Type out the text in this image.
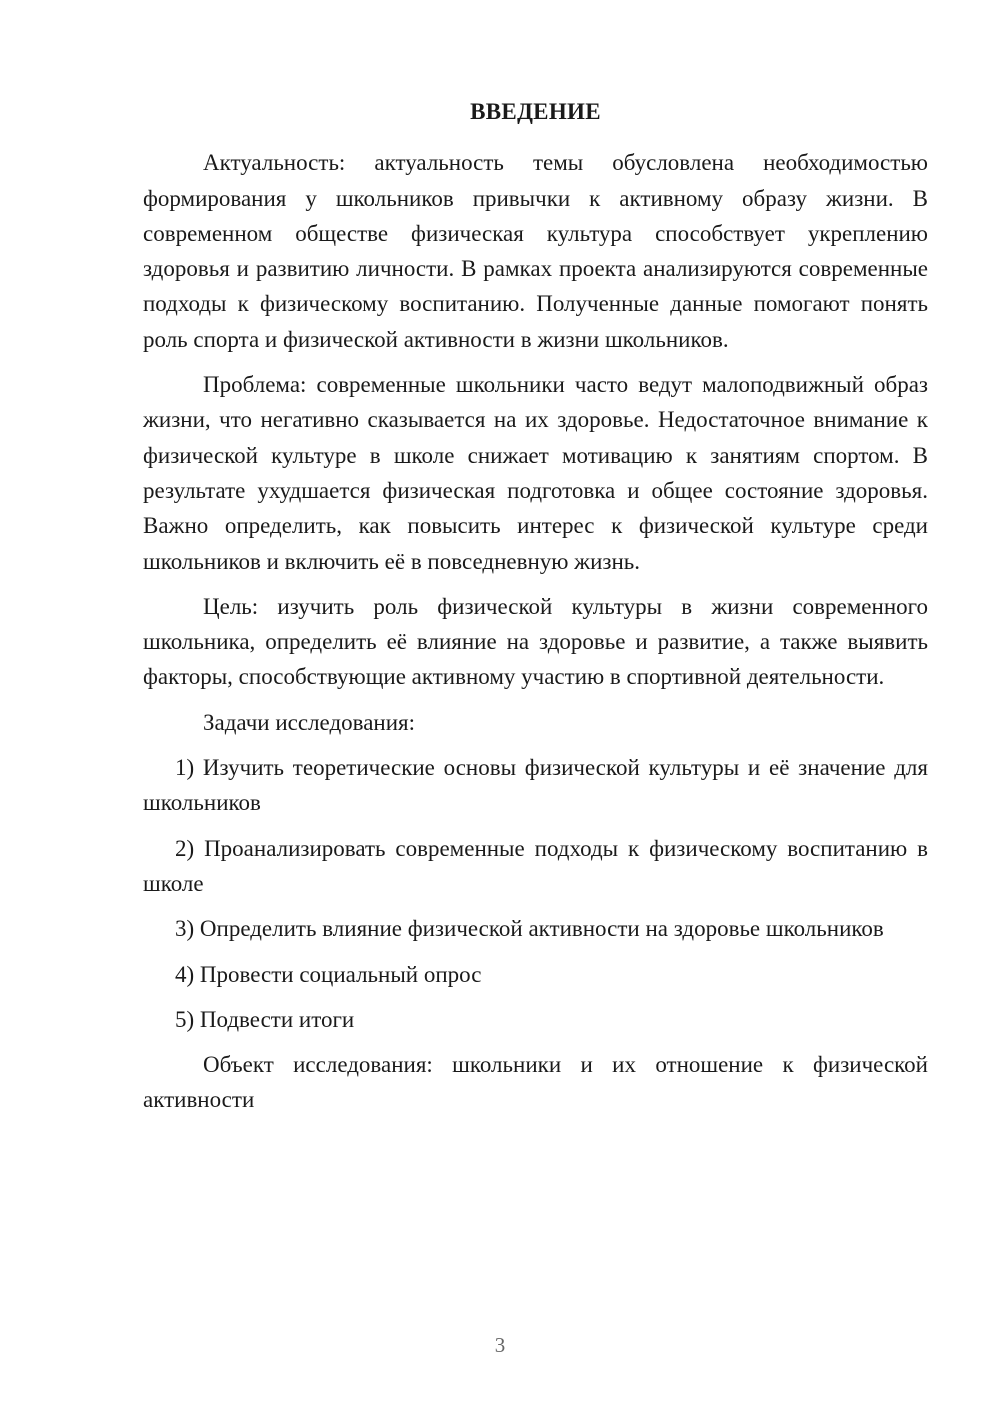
ВВЕДЕНИЕ

Актуальность: актуальность темы обусловлена необходимостью формирования у школьников привычки к активному образу жизни. В современном обществе физическая культура способствует укреплению здоровья и развитию личности. В рамках проекта анализируются современные подходы к физическому воспитанию. Полученные данные помогают понять роль спорта и физической активности в жизни школьников.

Проблема: современные школьники часто ведут малоподвижный образ жизни, что негативно сказывается на их здоровье. Недостаточное внимание к физической культуре в школе снижает мотивацию к занятиям спортом. В результате ухудшается физическая подготовка и общее состояние здоровья. Важно определить, как повысить интерес к физической культуре среди школьников и включить её в повседневную жизнь.

Цель: изучить роль физической культуры в жизни современного школьника, определить её влияние на здоровье и развитие, а также выявить факторы, способствующие активному участию в спортивной деятельности.

Задачи исследования:

1) Изучить теоретические основы физической культуры и её значение для школьников

2) Проанализировать современные подходы к физическому воспитанию в школе

3) Определить влияние физической активности на здоровье школьников

4) Провести социальный опрос

5) Подвести итоги

Объект исследования: школьники и их отношение к физической активности

3
